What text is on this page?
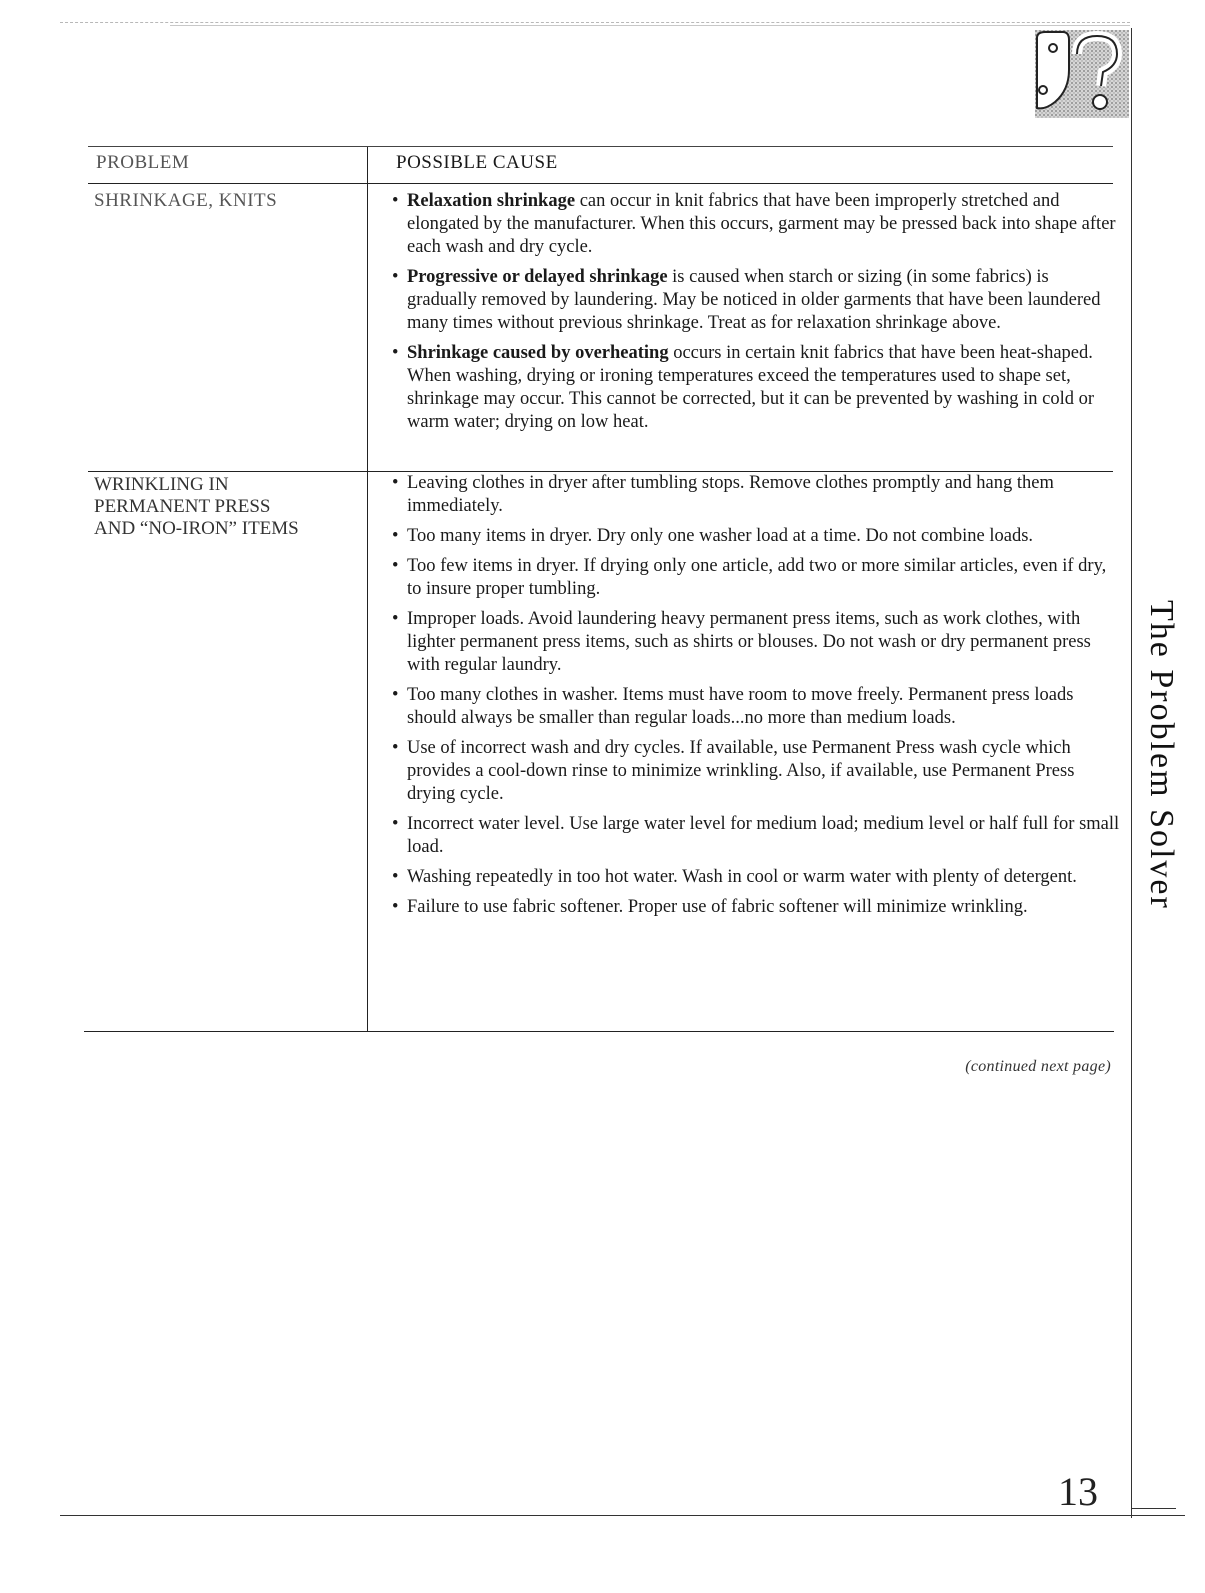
PROBLEM	POSSIBLE CAUSE
SHRINKAGE, KNITS
WRINKLING IN
PERMANENT PRESS
AND “NO-IRON” ITEMS
• Relaxation shrinkage can occur in knit fabrics that have been improperly stretched and elongated by the manufacturer. When this occurs, garment may be pressed back into shape after each wash and dry cycle.
• Progressive or delayed shrinkage is caused when starch or sizing (in some fabrics) is gradually removed by laundering. May be noticed in older garments that have been laundered many times without previous shrinkage. Treat as for relaxation shrinkage above.
• Shrinkage caused by overheating occurs in certain knit fabrics that have been heat-shaped. When washing, drying or ironing temperatures exceed the temperatures used to shape set, shrinkage may occur. This cannot be corrected, but it can be prevented by washing in cold or warm water; drying on low heat.
• Leaving clothes in dryer after tumbling stops. Remove clothes promptly and hang them immediately.
• Too many items in dryer. Dry only one washer load at a time. Do not combine loads.
• Too few items in dryer. If drying only one article, add two or more similar articles, even if dry, to insure proper tumbling.
• Improper loads. Avoid laundering heavy permanent press items, such as work clothes, with lighter permanent press items, such as shirts or blouses. Do not wash or dry permanent press with regular laundry.
• Too many clothes in washer. Items must have room to move freely. Permanent press loads should always be smaller than regular loads...no more than medium loads.
• Use of incorrect wash and dry cycles. If available, use Permanent Press wash cycle which provides a cool-down rinse to minimize wrinkling. Also, if available, use Permanent Press drying cycle.
• Incorrect water level. Use large water level for medium load; medium level or half full for small load.
• Washing repeatedly in too hot water. Wash in cool or warm water with plenty of detergent.
• Failure to use fabric softener. Proper use of fabric softener will minimize wrinkling.
(continued next page)
The Problem Solver
13
